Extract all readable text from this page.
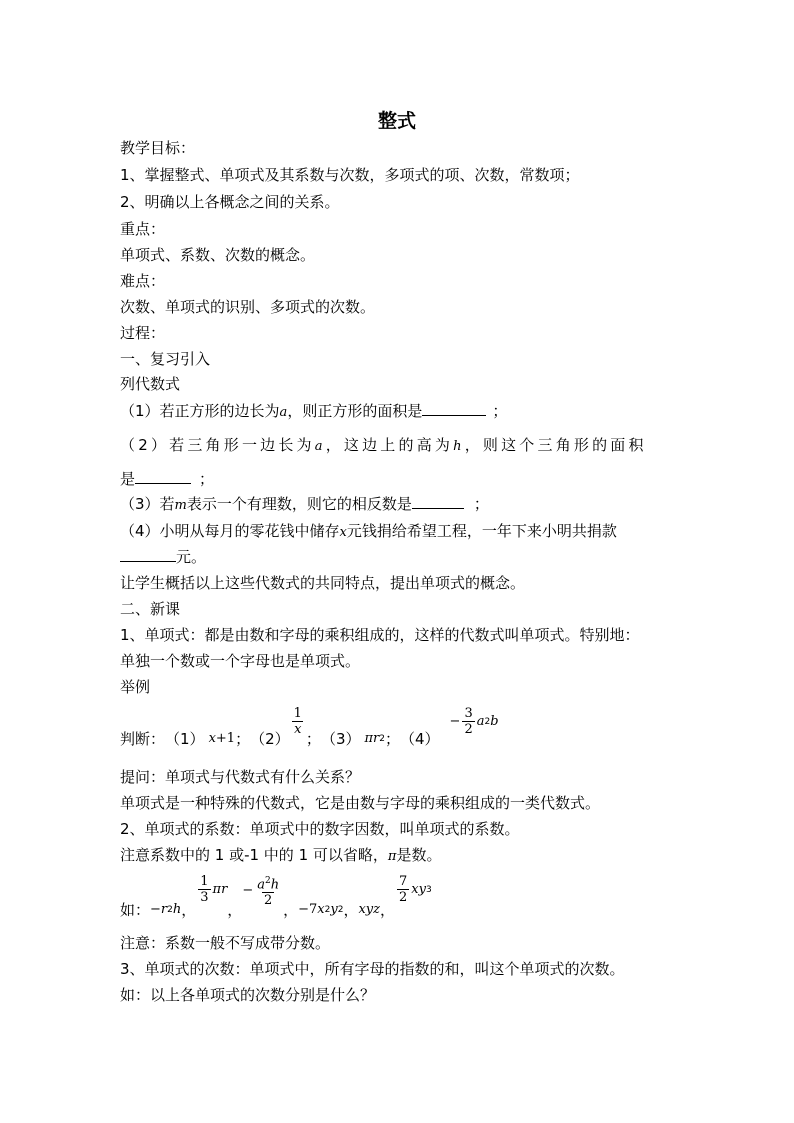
整式
教学目标：
1、掌握整式、单项式及其系数与次数，多项式的项、次数，常数项；
2、明确以上各概念之间的关系。
重点：
单项式、系数、次数的概念。
难点：
次数、单项式的识别、多项式的次数。
过程：
一、复习引入
列代数式
（1）若正方形的边长为a，则正方形的面积是	；
（2）若三角形一边长为a，这边上的高为h，则这个三角形的面积
是	；
（3）若m表示一个有理数，则它的相反数是	；
（4）小明从每月的零花钱中储存x元钱捐给希望工程，一年下来小明共捐款
元。
让学生概括以上这些代数式的共同特点，提出单项式的概念。
二、新课
1、单项式：都是由数和字母的乘积组成的，这样的代数式叫单项式。特别地：
单独一个数或一个字母也是单项式。
举例
判断： （1） x +1 ； （2）
$\frac{1}{x}$
； （3） πr 2 ； （4）
− $\frac{3}{2}$ a 2 b
提问：单项式与代数式有什么关系？
单项式是一种特殊的代数式，它是由数与字母的乘积组成的一类代数式。
2、单项式的系数：单项式中的数字因数，叫单项式的系数。
注意系数中的 1 或-1 中的 1 可以省略，π是数。
如： −r 2 h ，
$\frac{1}{3}$ πr
，
− $\frac{a^2h}{2}$
， −7 x 2 y 2 ， xyz ，
$\frac{7}{2}$ x y 3
注意：系数一般不写成带分数。
3、单项式的次数：单项式中，所有字母的指数的和，叫这个单项式的次数。
如：以上各单项式的次数分别是什么？
